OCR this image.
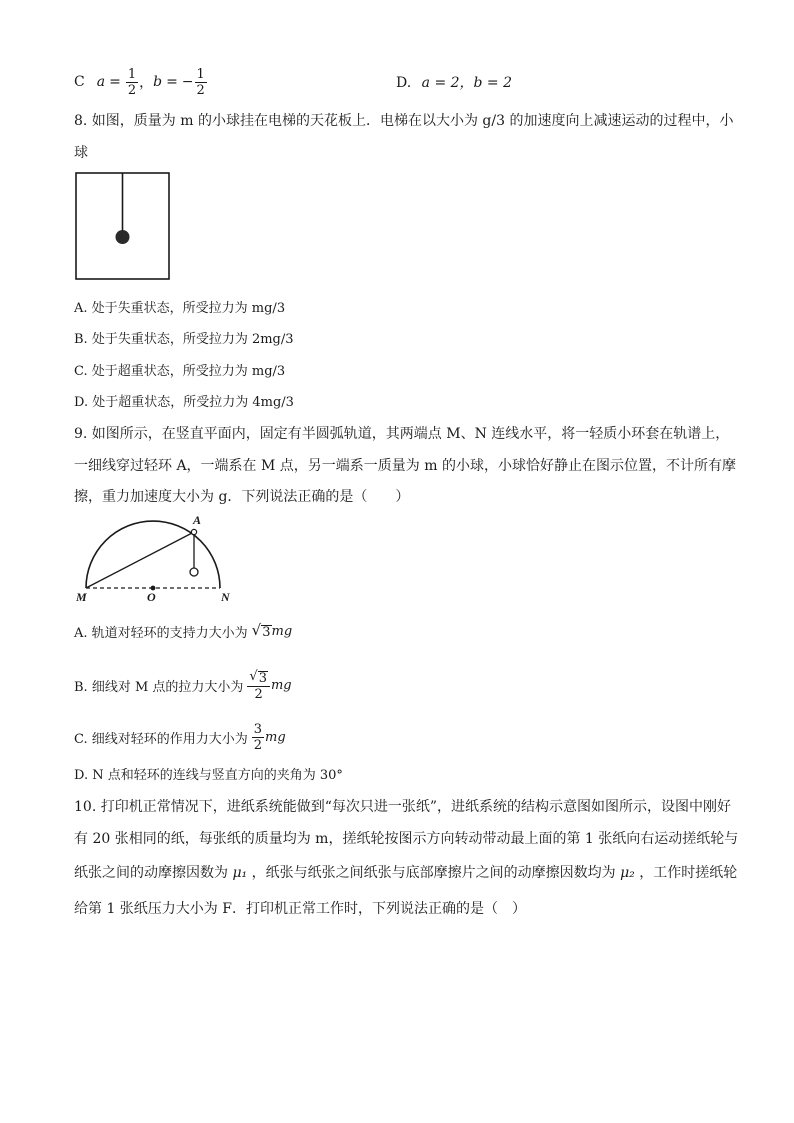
C $a = \frac{1}{2}$ ， b = − $\frac{1}{2}$	D. a = 2，b = 2
8. 如图，质量为 m 的小球挂在电梯的天花板上．电梯在以大小为 g/3 的加速度向上减速运动的过程中，小
球
A. 处于失重状态，所受拉力为 mg/3
B. 处于失重状态，所受拉力为 2mg/3
C. 处于超重状态，所受拉力为 mg/3
D. 处于超重状态，所受拉力为 4mg/3
9. 如图所示，在竖直平面内，固定有半圆弧轨道，其两端点 M、N 连线水平，将一轻质小环套在轨谱上，
一细线穿过轻环 A，一端系在 M 点，另一端系一质量为 m 的小球，小球恰好静止在图示位置，不计所有摩
擦，重力加速度大小为 g．下列说法正确的是（　　）
A
M	O	N
A. 轨道对轻环的支持力大小为 √ 3 mg
B. 细线对 M 点的拉力大小为 $\frac{√ 3}{2}$ mg
C. 细线对轻环的作用力大小为 $\frac{3}{2}$ mg
D. N 点和轻环的连线与竖直方向的夹角为 30°
10. 打印机正常情况下，进纸系统能做到“每次只进一张纸”，进纸系统的结构示意图如图所示，设图中刚好
有 20 张相同的纸，每张纸的质量均为 m，搓纸轮按图示方向转动带动最上面的第 1 张纸向右运动搓纸轮与
纸张之间的动摩擦因数为 μ₁ ，纸张与纸张之间纸张与底部摩擦片之间的动摩擦因数均为 μ₂ ，工作时搓纸轮
给第 1 张纸压力大小为 F．打印机正常工作时，下列说法正确的是（　）
